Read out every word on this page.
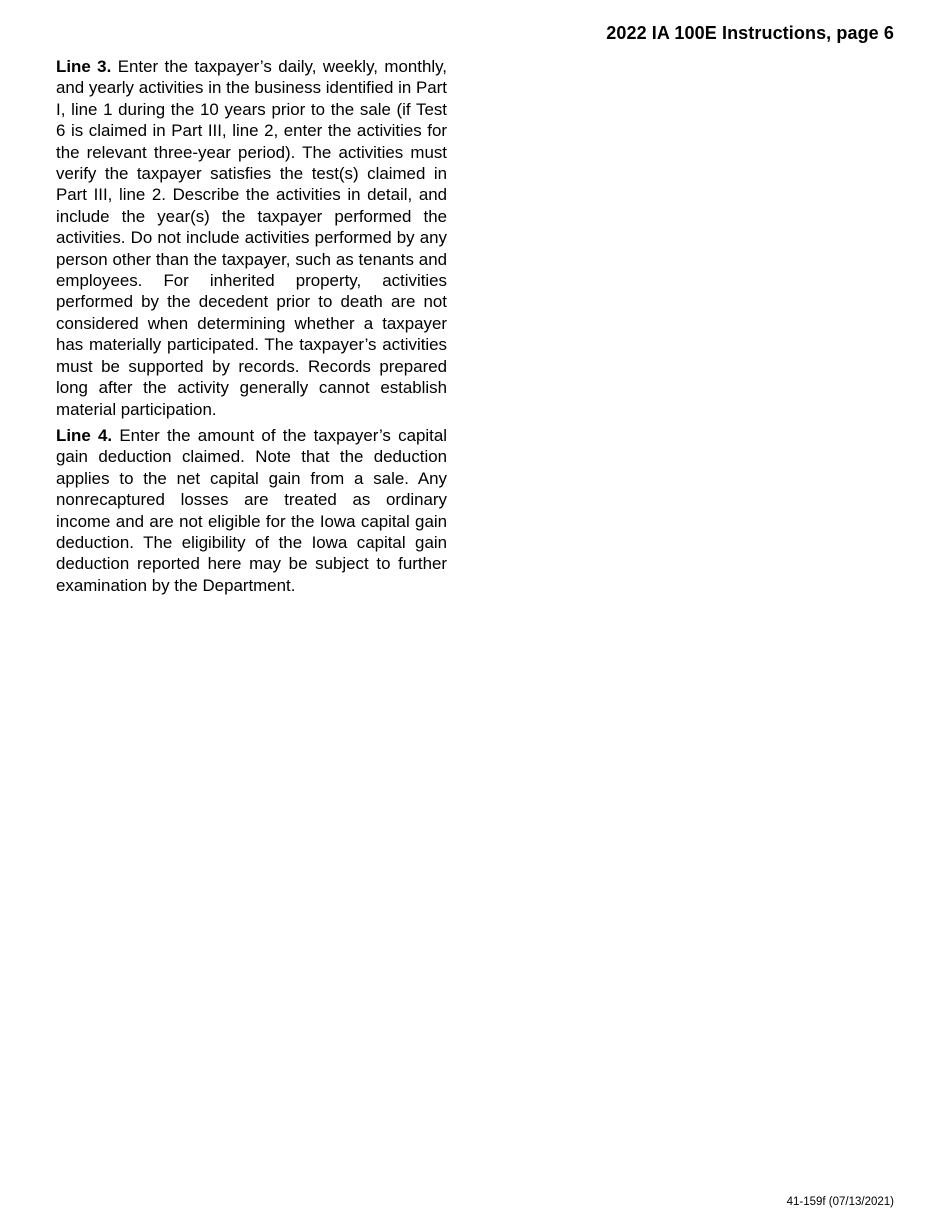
2022 IA 100E Instructions, page 6

Line 3. Enter the taxpayer’s daily, weekly, monthly, and yearly activities in the business identified in Part I, line 1 during the 10 years prior to the sale (if Test 6 is claimed in Part III, line 2, enter the activities for the relevant three-year period). The activities must verify the taxpayer satisfies the test(s) claimed in Part III, line 2. Describe the activities in detail, and include the year(s) the taxpayer performed the activities. Do not include activities performed by any person other than the taxpayer, such as tenants and employees. For inherited property, activities performed by the decedent prior to death are not considered when determining whether a taxpayer has materially participated. The taxpayer’s activities must be supported by records. Records prepared long after the activity generally cannot establish material participation.

Line 4. Enter the amount of the taxpayer’s capital gain deduction claimed. Note that the deduction applies to the net capital gain from a sale. Any nonrecaptured losses are treated as ordinary income and are not eligible for the Iowa capital gain deduction. The eligibility of the Iowa capital gain deduction reported here may be subject to further examination by the Department.

41-159f (07/13/2021)
